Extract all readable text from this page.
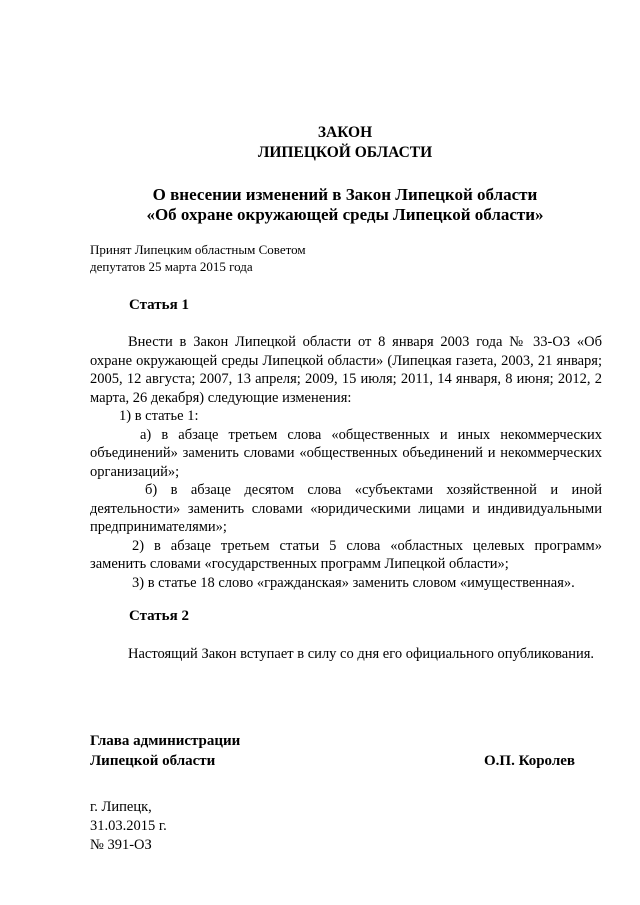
ЗАКОН
ЛИПЕЦКОЙ ОБЛАСТИ
О внесении изменений в Закон Липецкой области
«Об охране окружающей среды Липецкой области»
Принят Липецким областным Советом
депутатов 25 марта 2015 года
Статья 1

Внести в Закон Липецкой области от 8 января 2003 года № 33-ОЗ «Об охране окружающей среды Липецкой области» (Липецкая газета, 2003, 21 января; 2005, 12 августа; 2007, 13 апреля; 2009, 15 июля; 2011, 14 января, 8 июня; 2012, 2 марта, 26 декабря) следующие изменения:

1) в статье 1:

а) в абзаце третьем слова «общественных и иных некоммерческих объединений» заменить словами «общественных объединений и некоммерческих организаций»;

б) в абзаце десятом слова «субъектами хозяйственной и иной деятельности» заменить словами «юридическими лицами и индивидуальными предпринимателями»;

2) в абзаце третьем статьи 5 слова «областных целевых программ» заменить словами «государственных программ Липецкой области»;

3) в статье 18 слово «гражданская» заменить словом «имущественная».

Статья 2

Настоящий Закон вступает в силу со дня его официального опубликования.

Глава администрации
Липецкой области	О.П. Королев
г. Липецк,
31.03.2015 г.
№ 391-ОЗ
